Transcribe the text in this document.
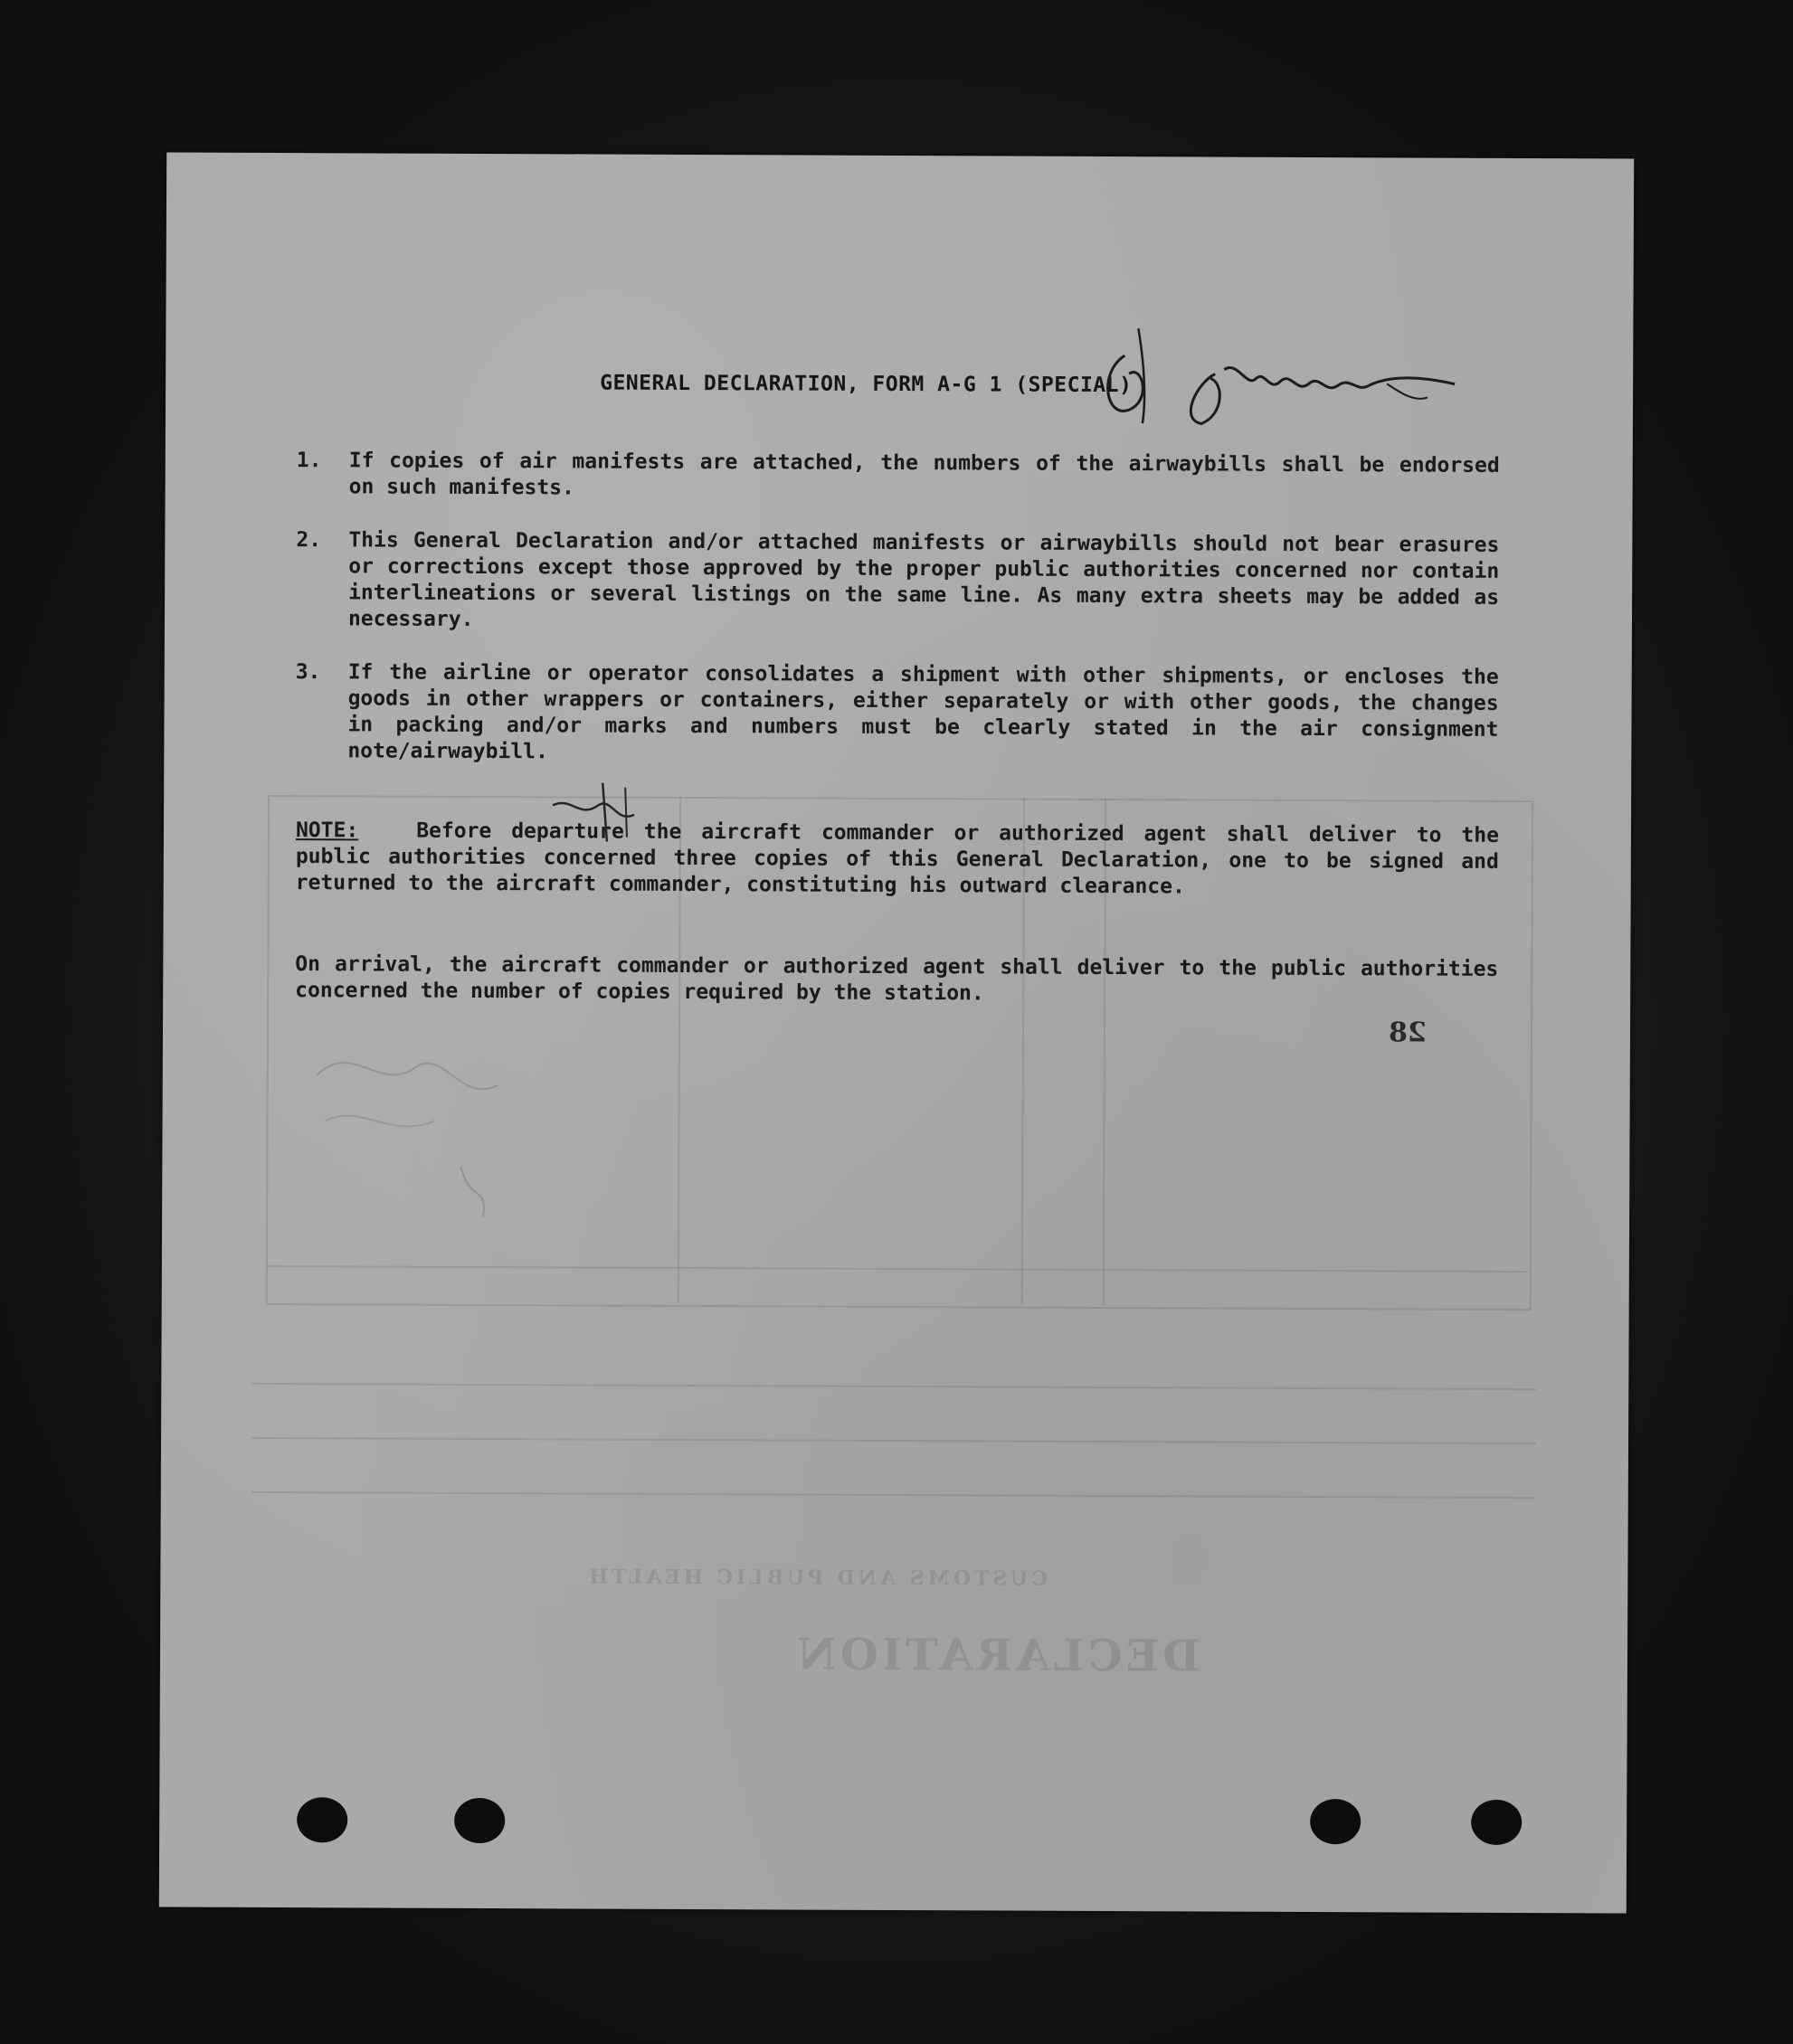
DECLARATION
CUSTOMS AND PUBLIC HEALTH
GENERAL DECLARATION, FORM A-G 1 (SPECIAL)
1.	If copies of air manifests are attached, the numbers of the airwaybills shall be endorsed on such manifests.
2.	This General Declaration and/or attached manifests or airwaybills should not bear erasures or corrections except those approved by the proper public authorities concerned nor contain interlineations or several listings on the same line. As many extra sheets may be added as necessary.
3.	If the airline or operator consolidates a shipment with other shipments, or encloses the goods in other wrappers or containers, either separately or with other goods, the changes in packing and/or marks and numbers must be clearly stated in the air consignment note/airwaybill.
NOTE:	Before departure the aircraft commander or authorized agent shall deliver to the public authorities concerned three copies of this General Declaration, one to be signed and returned to the aircraft commander, constituting his outward clearance.
On arrival, the aircraft commander or authorized agent shall deliver to the public authorities concerned the number of copies required by the station.
28
